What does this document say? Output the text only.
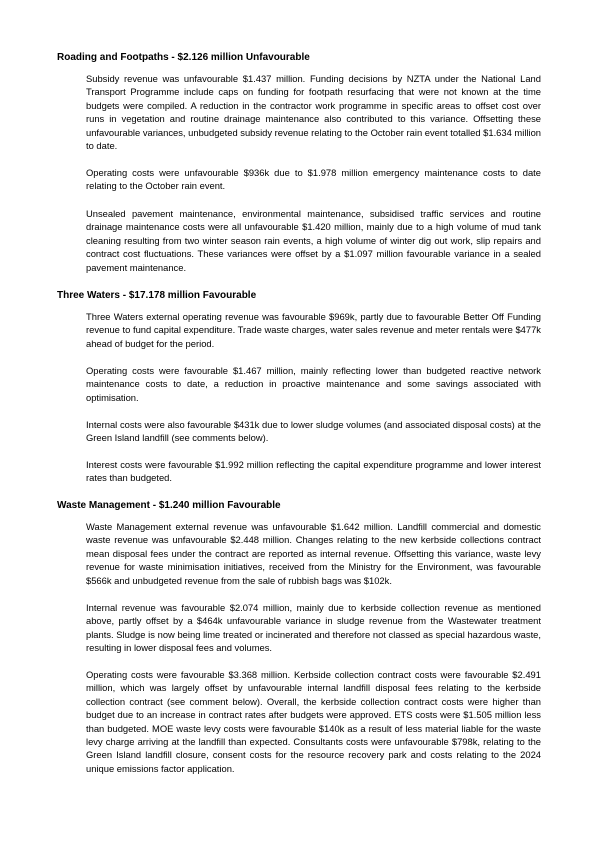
Roading and Footpaths - $2.126 million Unfavourable

Subsidy revenue was unfavourable $1.437 million. Funding decisions by NZTA under the National Land Transport Programme include caps on funding for footpath resurfacing that were not known at the time budgets were compiled. A reduction in the contractor work programme in specific areas to offset cost over runs in vegetation and routine drainage maintenance also contributed to this variance. Offsetting these unfavourable variances, unbudgeted subsidy revenue relating to the October rain event totalled $1.634 million to date.

Operating costs were unfavourable $936k due to $1.978 million emergency maintenance costs to date relating to the October rain event.

Unsealed pavement maintenance, environmental maintenance, subsidised traffic services and routine drainage maintenance costs were all unfavourable $1.420 million, mainly due to a high volume of mud tank cleaning resulting from two winter season rain events, a high volume of winter dig out work, slip repairs and contract cost fluctuations. These variances were offset by a $1.097 million favourable variance in a sealed pavement maintenance.

Three Waters - $17.178 million Favourable

Three Waters external operating revenue was favourable $969k, partly due to favourable Better Off Funding revenue to fund capital expenditure. Trade waste charges, water sales revenue and meter rentals were $477k ahead of budget for the period.

Operating costs were favourable $1.467 million, mainly reflecting lower than budgeted reactive network maintenance costs to date, a reduction in proactive maintenance and some savings associated with optimisation.

Internal costs were also favourable $431k due to lower sludge volumes (and associated disposal costs) at the Green Island landfill (see comments below).

Interest costs were favourable $1.992 million reflecting the capital expenditure programme and lower interest rates than budgeted.

Waste Management - $1.240 million Favourable

Waste Management external revenue was unfavourable $1.642 million. Landfill commercial and domestic waste revenue was unfavourable $2.448 million. Changes relating to the new kerbside collections contract mean disposal fees under the contract are reported as internal revenue. Offsetting this variance, waste levy revenue for waste minimisation initiatives, received from the Ministry for the Environment, was favourable $566k and unbudgeted revenue from the sale of rubbish bags was $102k.

Internal revenue was favourable $2.074 million, mainly due to kerbside collection revenue as mentioned above, partly offset by a $464k unfavourable variance in sludge revenue from the Wastewater treatment plants. Sludge is now being lime treated or incinerated and therefore not classed as special hazardous waste, resulting in lower disposal fees and volumes.

Operating costs were favourable $3.368 million. Kerbside collection contract costs were favourable $2.491 million, which was largely offset by unfavourable internal landfill disposal fees relating to the kerbside collection contract (see comment below). Overall, the kerbside collection contract costs were higher than budget due to an increase in contract rates after budgets were approved. ETS costs were $1.505 million less than budgeted. MOE waste levy costs were favourable $140k as a result of less material liable for the waste levy charge arriving at the landfill than expected. Consultants costs were unfavourable $798k, relating to the Green Island landfill closure, consent costs for the resource recovery park and costs relating to the 2024 unique emissions factor application.
